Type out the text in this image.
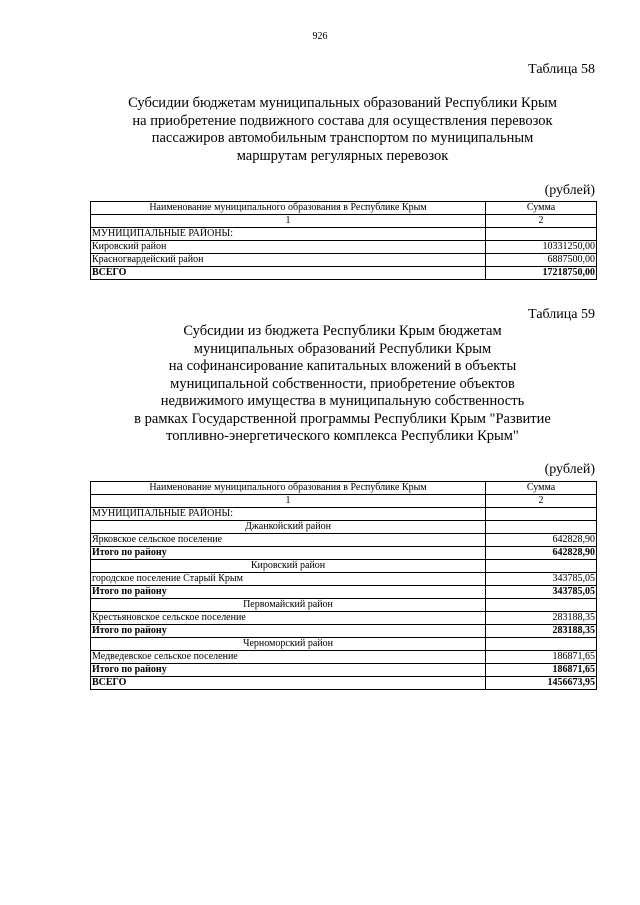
926
Таблица 58
Субсидии бюджетам муниципальных образований Республики Крым
на приобретение подвижного состава для осуществления перевозок
пассажиров автомобильным транспортом по муниципальным
маршрутам регулярных перевозок
(рублей)
Наименование муниципального образования в Республике Крым	Сумма
1	2
МУНИЦИПАЛЬНЫЕ РАЙОНЫ:	
Кировский район	10331250,00
Красногвардейский район	6887500,00
ВСЕГО	17218750,00
Таблица 59
Субсидии из бюджета Республики Крым бюджетам
муниципальных образований Республики Крым
на софинансирование капитальных вложений в объекты
муниципальной собственности, приобретение объектов
недвижимого имущества в муниципальную собственность
в рамках Государственной программы Республики Крым "Развитие
топливно-энергетического комплекса Республики Крым"
(рублей)
Наименование муниципального образования в Республике Крым	Сумма
1	2
МУНИЦИПАЛЬНЫЕ РАЙОНЫ:	
Джанкойский район	
Ярковское сельское поселение	642828,90
Итого по району	642828,90
Кировский район	
городское поселение Старый Крым	343785,05
Итого по району	343785,05
Первомайский район	
Крестьяновское сельское поселение	283188,35
Итого по району	283188,35
Черноморский район	
Медведевское сельское поселение	186871,65
Итого по району	186871,65
ВСЕГО	1456673,95
